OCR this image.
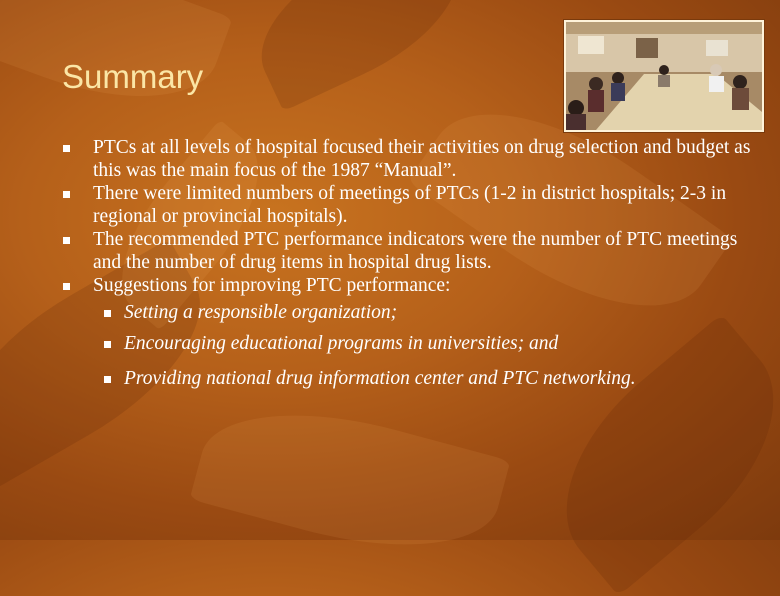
Summary
PTCs at all levels of hospital focused their activities on drug selection and budget as this was the main focus of the 1987 “Manual”.
There were limited numbers of meetings of PTCs (1-2 in district hospitals; 2-3 in regional or provincial hospitals).
The recommended PTC performance indicators were the number of PTC meetings and the number of drug items in hospital drug lists.
Suggestions for improving PTC performance:
Setting a responsible organization;
Encouraging educational programs in universities; and
Providing national drug information center and PTC networking.
